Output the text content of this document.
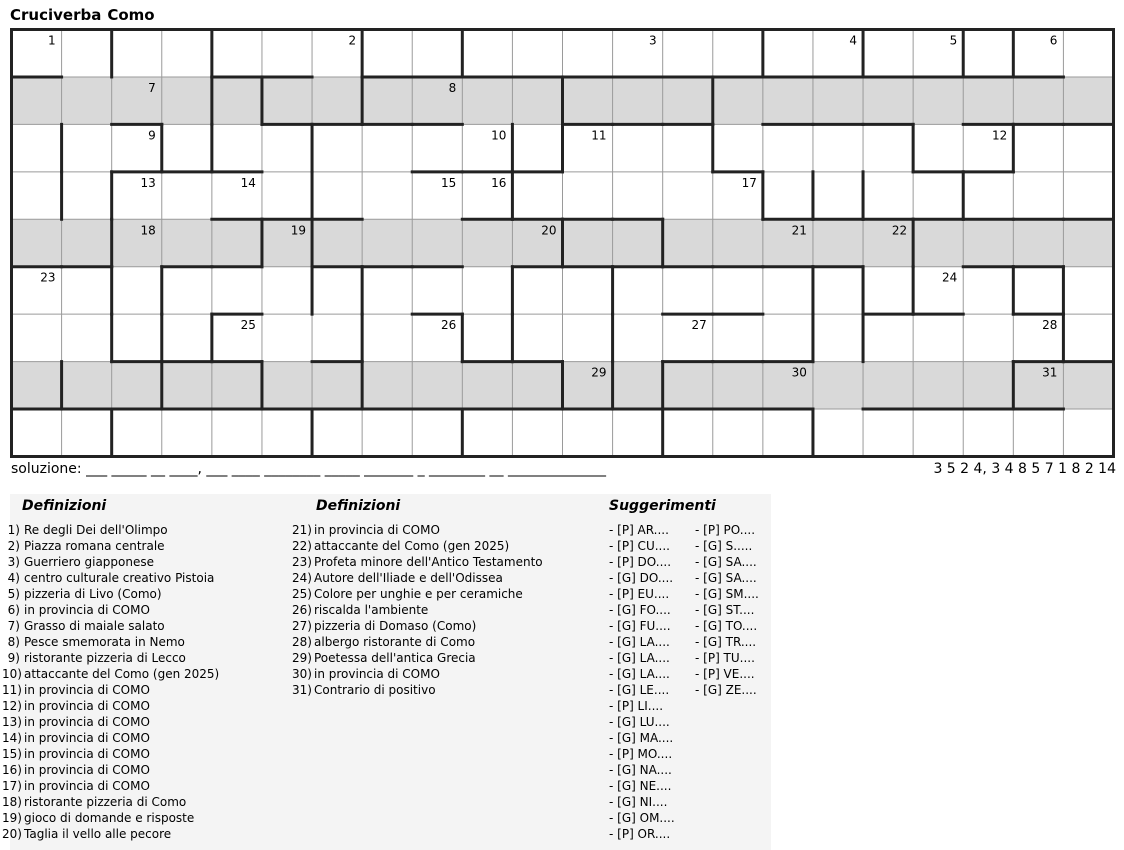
Cruciverba Como
1	2	3	4	5	6
7	8
9	10	11	12
13	14	15	16	17
18	19	20	21	22
23	24
25	26	27	28
29	30	31
soluzione: ___ _____ __ ____, ___ ____ ________ _____ _______ _ ________ __ ______________	3 5 2 4, 3 4 8 5 7 1 8 2 14
Definizioni
1) Re degli Dei dell'Olimpo
2) Piazza romana centrale
3) Guerriero giapponese
4) centro culturale creativo Pistoia
5) pizzeria di Livo (Como)
6) in provincia di COMO
7) Grasso di maiale salato
8) Pesce smemorata in Nemo
9) ristorante pizzeria di Lecco
10) attaccante del Como (gen 2025)
11) in provincia di COMO
12) in provincia di COMO
13) in provincia di COMO
14) in provincia di COMO
15) in provincia di COMO
16) in provincia di COMO
17) in provincia di COMO
18) ristorante pizzeria di Como
19) gioco di domande e risposte
20) Taglia il vello alle pecore
Definizioni
21) in provincia di COMO
22) attaccante del Como (gen 2025)
23) Profeta minore dell'Antico Testamento
24) Autore dell'Iliade e dell'Odissea
25) Colore per unghie e per ceramiche
26) riscalda l'ambiente
27) pizzeria di Domaso (Como)
28) albergo ristorante di Como
29) Poetessa dell'antica Grecia
30) in provincia di COMO
31) Contrario di positivo
Suggerimenti
- [P] AR....
- [P] CU....
- [P] DO....
- [G] DO....
- [P] EU....
- [G] FO....
- [G] FU....
- [G] LA....
- [G] LA....
- [G] LA....
- [G] LE....
- [P] LI....
- [G] LU....
- [G] MA....
- [P] MO....
- [G] NA....
- [G] NE....
- [G] NI....
- [G] OM....
- [P] OR....
- [P] PO....
- [G] S.....
- [G] SA....
- [G] SA....
- [G] SM....
- [G] ST....
- [G] TO....
- [G] TR....
- [P] TU....
- [P] VE....
- [G] ZE....
